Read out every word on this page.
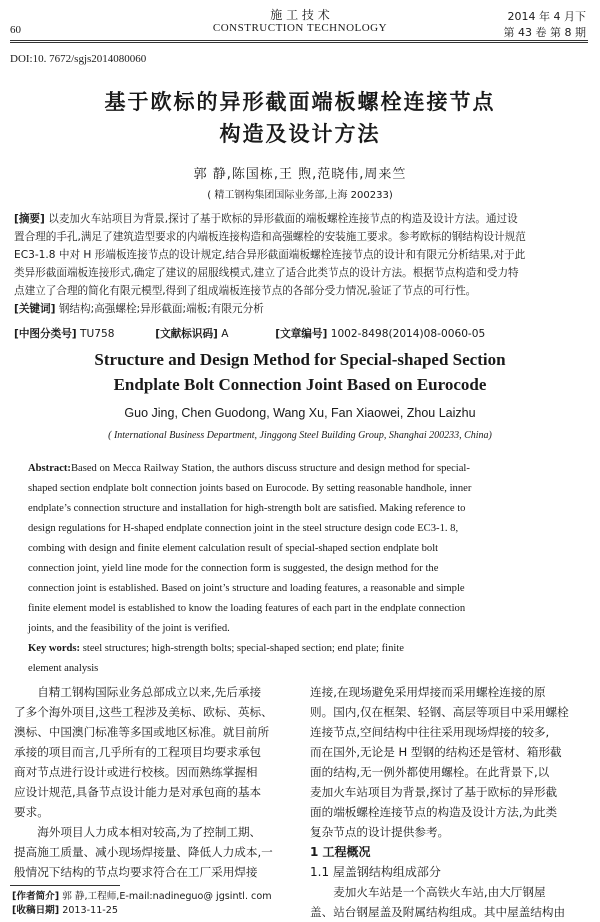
施 工 技 术
CONSTRUCTION TECHNOLOGY
2014 年 4 月下
60	第 43 卷 第 8 期
DOI:10. 7672/sgjs2014080060
基于欧标的异形截面端板螺栓连接节点
构造及设计方法
郭 静,陈国栋,王 煦,范晓伟,周来竺
( 精工钢构集团国际业务部,上海 200233)
[摘要] 以麦加火车站项目为背景,探讨了基于欧标的异形截面的端板螺栓连接节点的构造及设计方法。通过设
置合理的手孔,满足了建筑造型要求的内端板连接构造和高强螺栓的安装施工要求。参考欧标的钢结构设计规范
EC3-1.8 中对 H 形端板连接节点的设计规定,结合异形截面端板螺栓连接节点的设计和有限元分析结果,对于此
类异形截面端板连接形式,确定了建议的屈服线模式,建立了适合此类节点的设计方法。根据节点构造和受力特
点建立了合理的简化有限元模型,得到了组成端板连接节点的各部分受力情况,验证了节点的可行性。
[关键词] 钢结构;高强螺栓;异形截面;端板;有限元分析
[中图分类号] TU758	[文献标识码] A	[文章编号] 1002-8498(2014)08-0060-05
Structure and Design Method for Special-shaped Section
Endplate Bolt Connection Joint Based on Eurocode
Guo Jing, Chen Guodong, Wang Xu, Fan Xiaowei, Zhou Laizhu
( International Business Department, Jinggong Steel Building Group, Shanghai 200233, China)
Abstract:Based on Mecca Railway Station, the authors discuss structure and design method for special-
shaped section endplate bolt connection joints based on Eurocode. By setting reasonable handhole, inner
endplate’s connection structure and installation for high-strength bolt are satisfied. Making reference to
design regulations for H-shaped endplate connection joint in the steel structure design code EC3-1. 8,
combing with design and finite element calculation result of special-shaped section endplate bolt
connection joint, yield line mode for the connection form is suggested, the design method for the
connection joint is established. Based on joint’s structure and loading features, a reasonable and simple
finite element model is established to know the loading features of each part in the endplate connection
joints, and the feasibility of the joint is verified.
Key words: steel structures; high-strength bolts; special-shaped section; end plate; finite
element analysis
　　自精工钢构国际业务总部成立以来,先后承接
了多个海外项目,这些工程涉及美标、欧标、英标、
澳标、中国澳门标准等多国或地区标准。就目前所
承接的项目而言,几乎所有的工程项目均要求承包
商对节点进行设计或进行校核。因而熟练掌握相
应设计规范,具备节点设计能力是对承包商的基本
要求。
　　海外项目人力成本相对较高,为了控制工期、
提高施工质量、减小现场焊接量、降低人力成本,一
般情况下结构的节点均要求符合在工厂采用焊接
[作者简介] 郭 静,工程师,E-mail:nadineguo@ jgsintl. com
[收稿日期] 2013-11-25
连接,在现场避免采用焊接而采用螺栓连接的原
则。国内,仅在框架、轻钢、高层等项目中采用螺栓
连接节点,空间结构中往往采用现场焊接的较多,
而在国外,无论是 H 型钢的结构还是管材、箱形截
面的结构,无一例外都使用螺栓。在此背景下,以
麦加火车站项目为背景,探讨了基于欧标的异形截
面的端板螺栓连接节点的构造及设计方法,为此类
复杂节点的设计提供参考。
1 工程概况
1.1 屋盖钢结构组成部分
　　麦加火车站是一个高铁火车站,由大厅钢屋
盖、站台钢屋盖及附属结构组成。其中屋盖结构由
